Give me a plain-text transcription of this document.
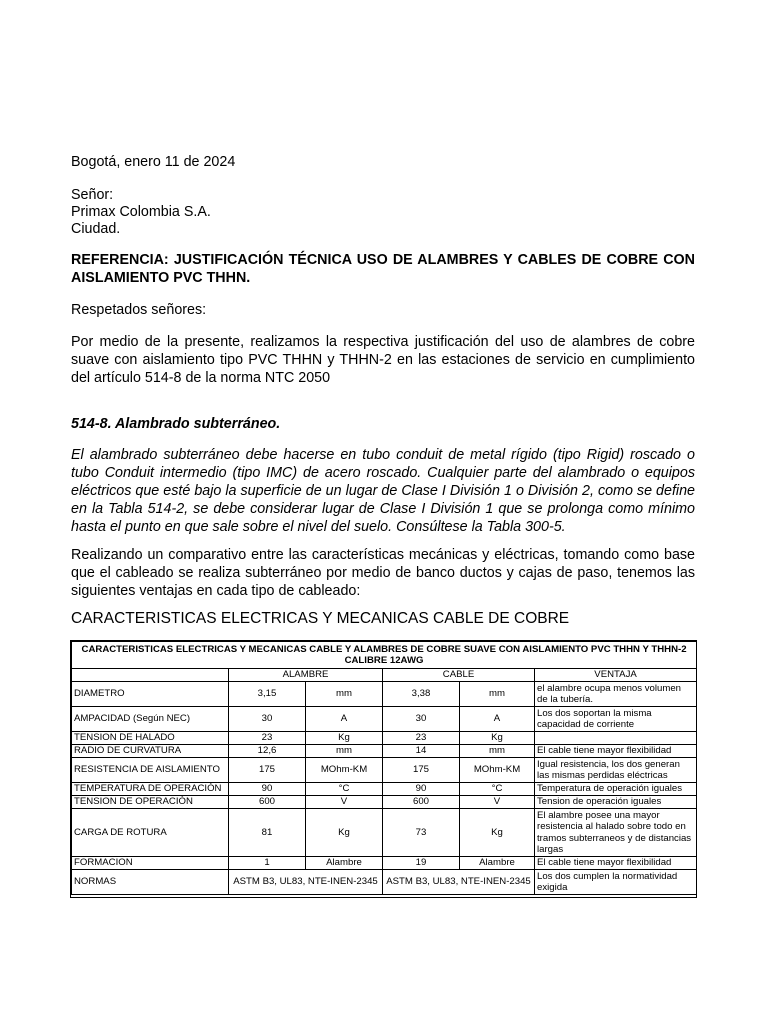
Bogotá, enero 11 de 2024

Señor:

Primax Colombia S.A.

Ciudad.

REFERENCIA: JUSTIFICACIÓN TÉCNICA USO DE ALAMBRES Y CABLES DE COBRE CON AISLAMIENTO PVC THHN.

Respetados señores:

Por medio de la presente, realizamos la respectiva justificación del uso de alambres de cobre suave con aislamiento tipo PVC THHN y THHN-2 en las estaciones de servicio en cumplimiento del artículo 514-8 de la norma NTC 2050

514-8. Alambrado subterráneo.

El alambrado subterráneo debe hacerse en tubo conduit de metal rígido (tipo Rigid) roscado o tubo Conduit intermedio (tipo IMC) de acero roscado. Cualquier parte del alambrado o equipos eléctricos que esté bajo la superficie de un lugar de Clase I División 1 o División 2, como se define en la Tabla 514-2, se debe considerar lugar de Clase I División 1 que se prolonga como mínimo hasta el punto en que sale sobre el nivel del suelo. Consúltese la Tabla 300-5.

Realizando un comparativo entre las características mecánicas y eléctricas, tomando como base que el cableado se realiza subterráneo por medio de banco ductos y cajas de paso, tenemos las siguientes ventajas en cada tipo de cableado:

CARACTERISTICAS ELECTRICAS Y MECANICAS CABLE DE COBRE

CARACTERISTICAS ELECTRICAS Y MECANICAS CABLE Y ALAMBRES DE COBRE SUAVE CON AISLAMIENTO PVC THHN Y THHN-2 CALIBRE 12AWG					
	ALAMBRE		CABLE		VENTAJA
DIAMETRO	3,15	mm	3,38	mm	el alambre ocupa menos volumen de la tubería.
AMPACIDAD (Según NEC)	30	A	30	A	Los dos soportan la misma capacidad de corriente
TENSION DE HALADO	23	Kg	23	Kg	
RADIO DE CURVATURA	12,6	mm	14	mm	El cable tiene mayor flexibilidad
RESISTENCIA DE AISLAMIENTO	175	MOhm-KM	175	MOhm-KM	Igual resistencia, los dos generan las mismas perdidas eléctricas
TEMPERATURA DE OPERACIÓN	90	°C	90	°C	Temperatura de operación iguales
TENSION DE OPERACIÓN	600	V	600	V	Tension de operación iguales
CARGA DE ROTURA	81	Kg	73	Kg	El alambre posee una mayor resistencia al halado sobre todo en tramos subterraneos y de distancias largas
FORMACION	1	Alambre	19	Alambre	El cable tiene mayor flexibilidad
NORMAS	ASTM B3, UL83, NTE-INEN-2345		ASTM B3, UL83, NTE-INEN-2345		Los dos cumplen la normatividad exigida
